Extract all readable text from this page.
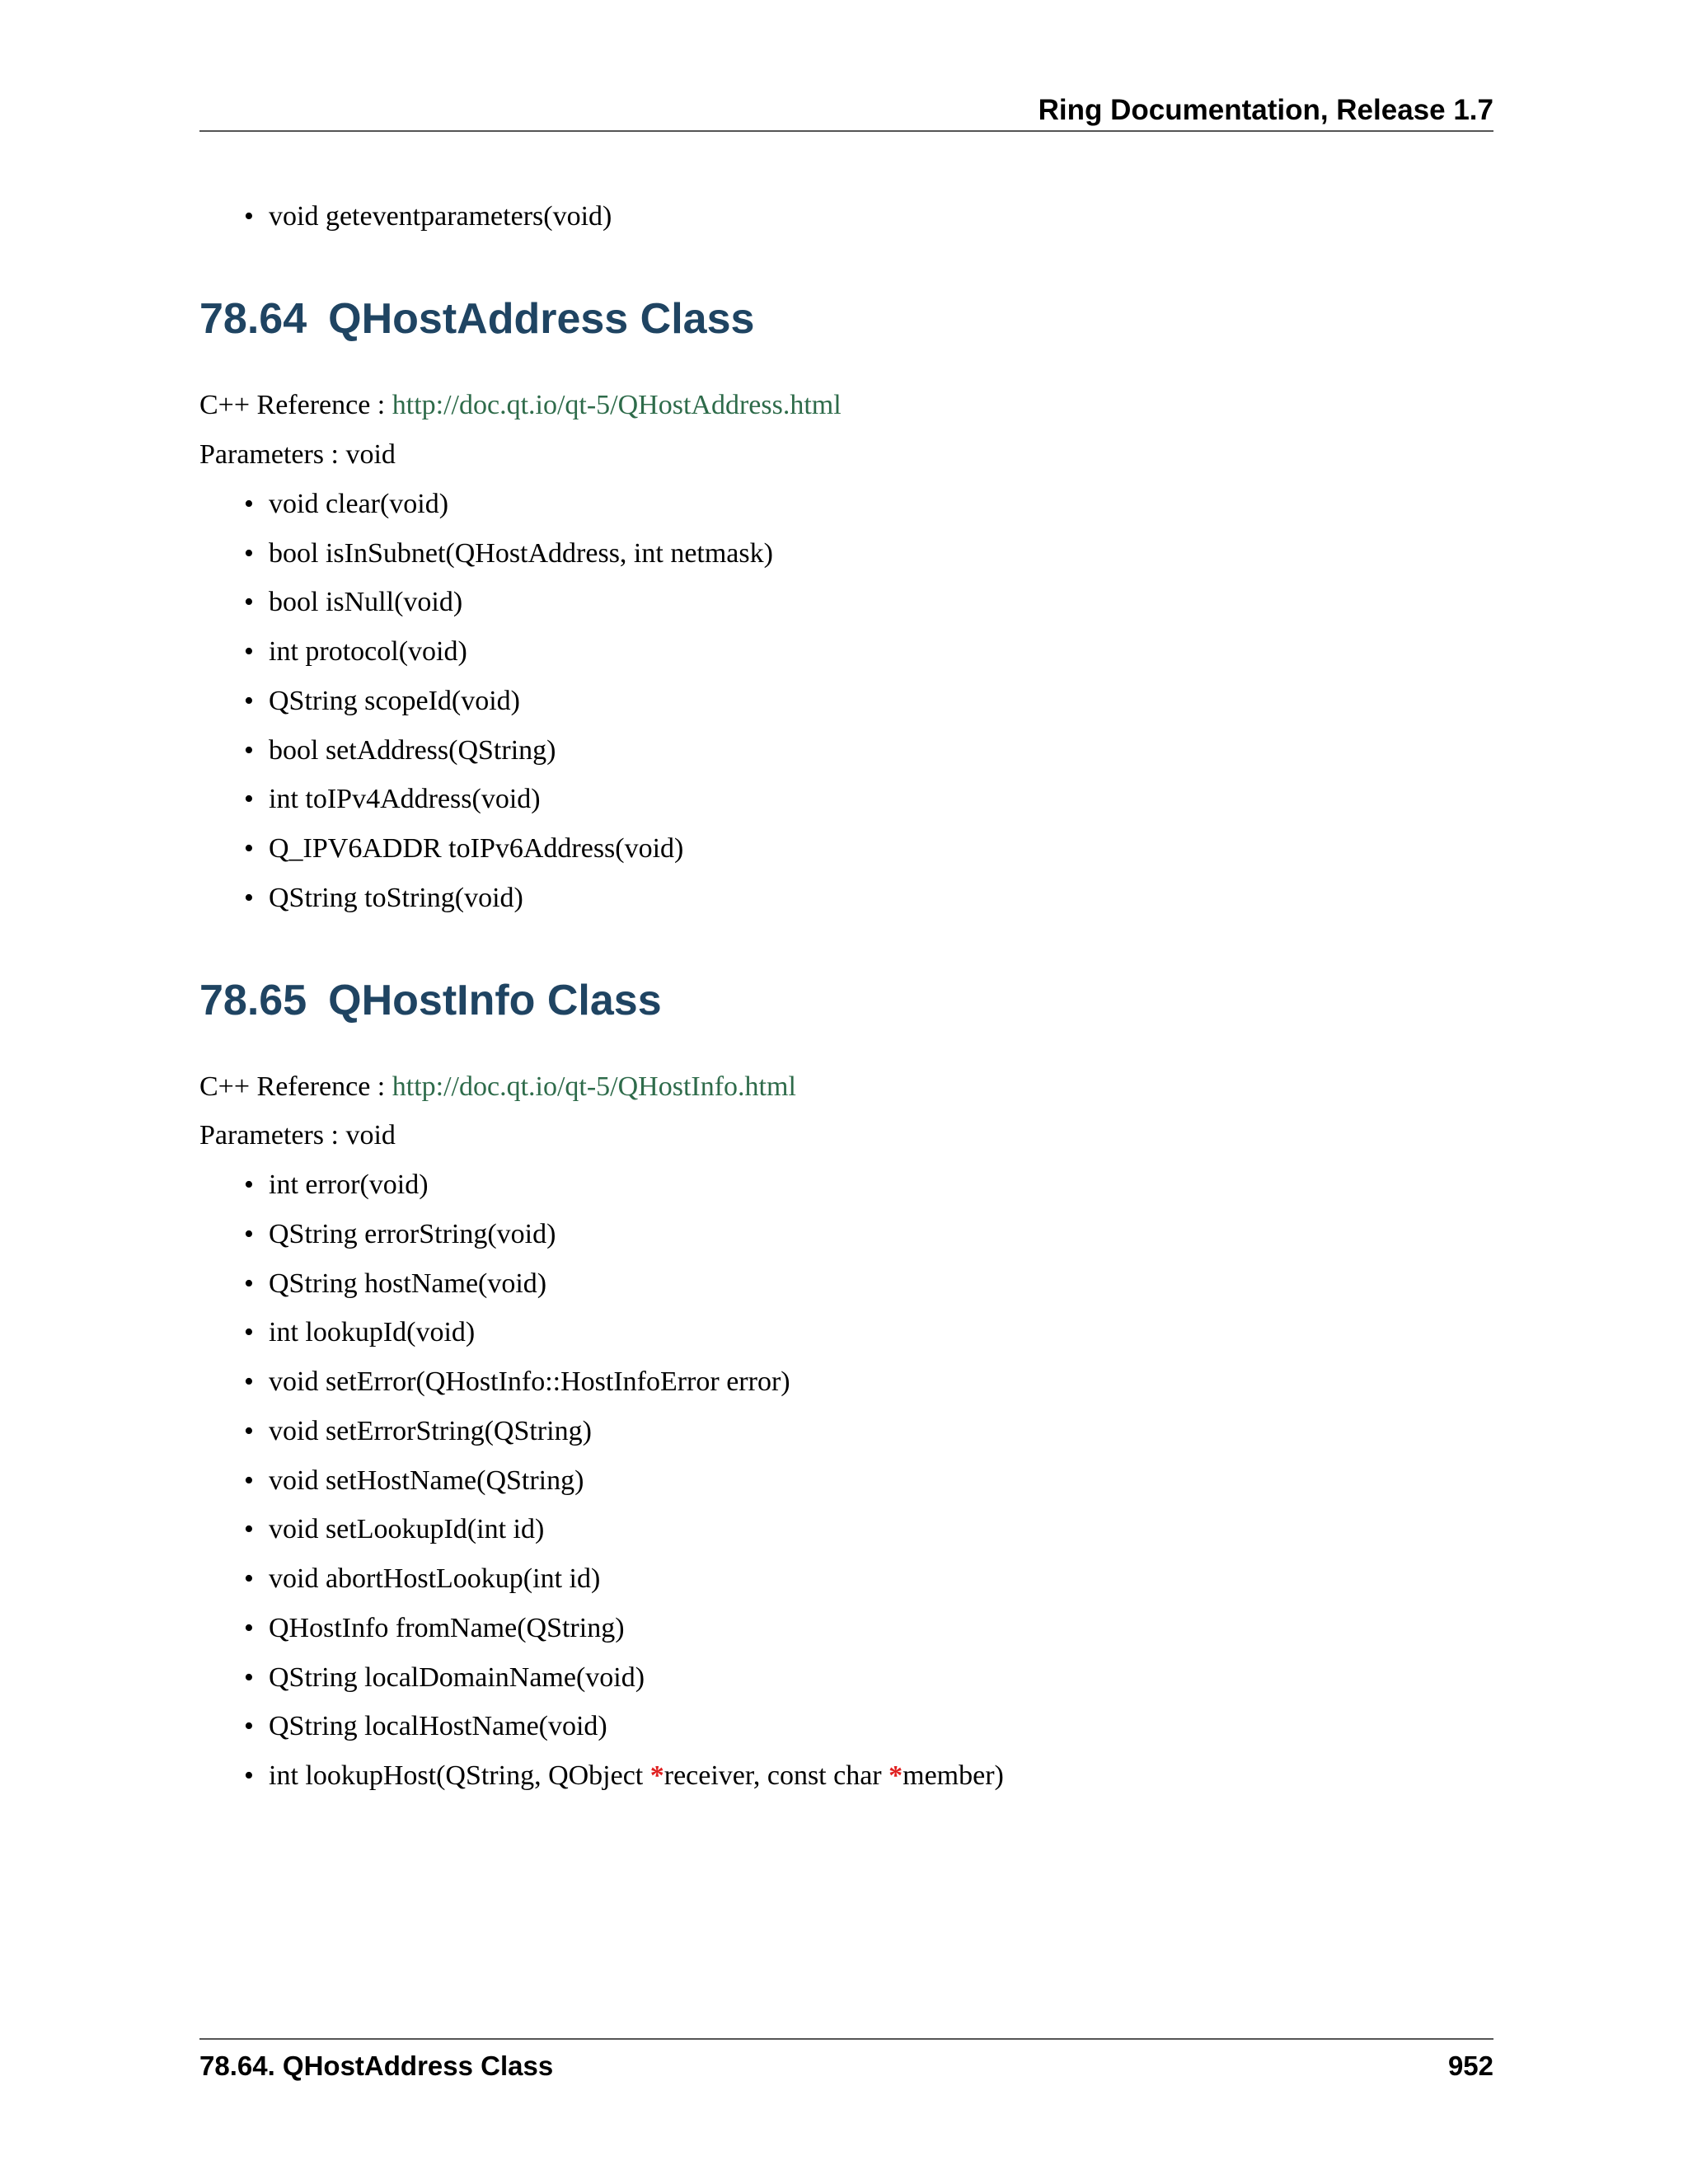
Ring Documentation, Release 1.7
• void geteventparameters(void)
78.64 QHostAddress Class
C++ Reference : http://doc.qt.io/qt-5/QHostAddress.html
Parameters : void
• void clear(void)
• bool isInSubnet(QHostAddress, int netmask)
• bool isNull(void)
• int protocol(void)
• QString scopeId(void)
• bool setAddress(QString)
• int toIPv4Address(void)
• Q_IPV6ADDR toIPv6Address(void)
• QString toString(void)
78.65 QHostInfo Class
C++ Reference : http://doc.qt.io/qt-5/QHostInfo.html
Parameters : void
• int error(void)
• QString errorString(void)
• QString hostName(void)
• int lookupId(void)
• void setError(QHostInfo::HostInfoError error)
• void setErrorString(QString)
• void setHostName(QString)
• void setLookupId(int id)
• void abortHostLookup(int id)
• QHostInfo fromName(QString)
• QString localDomainName(void)
• QString localHostName(void)
• int lookupHost(QString, QObject *receiver, const char *member)
78.64. QHostAddress Class	952
